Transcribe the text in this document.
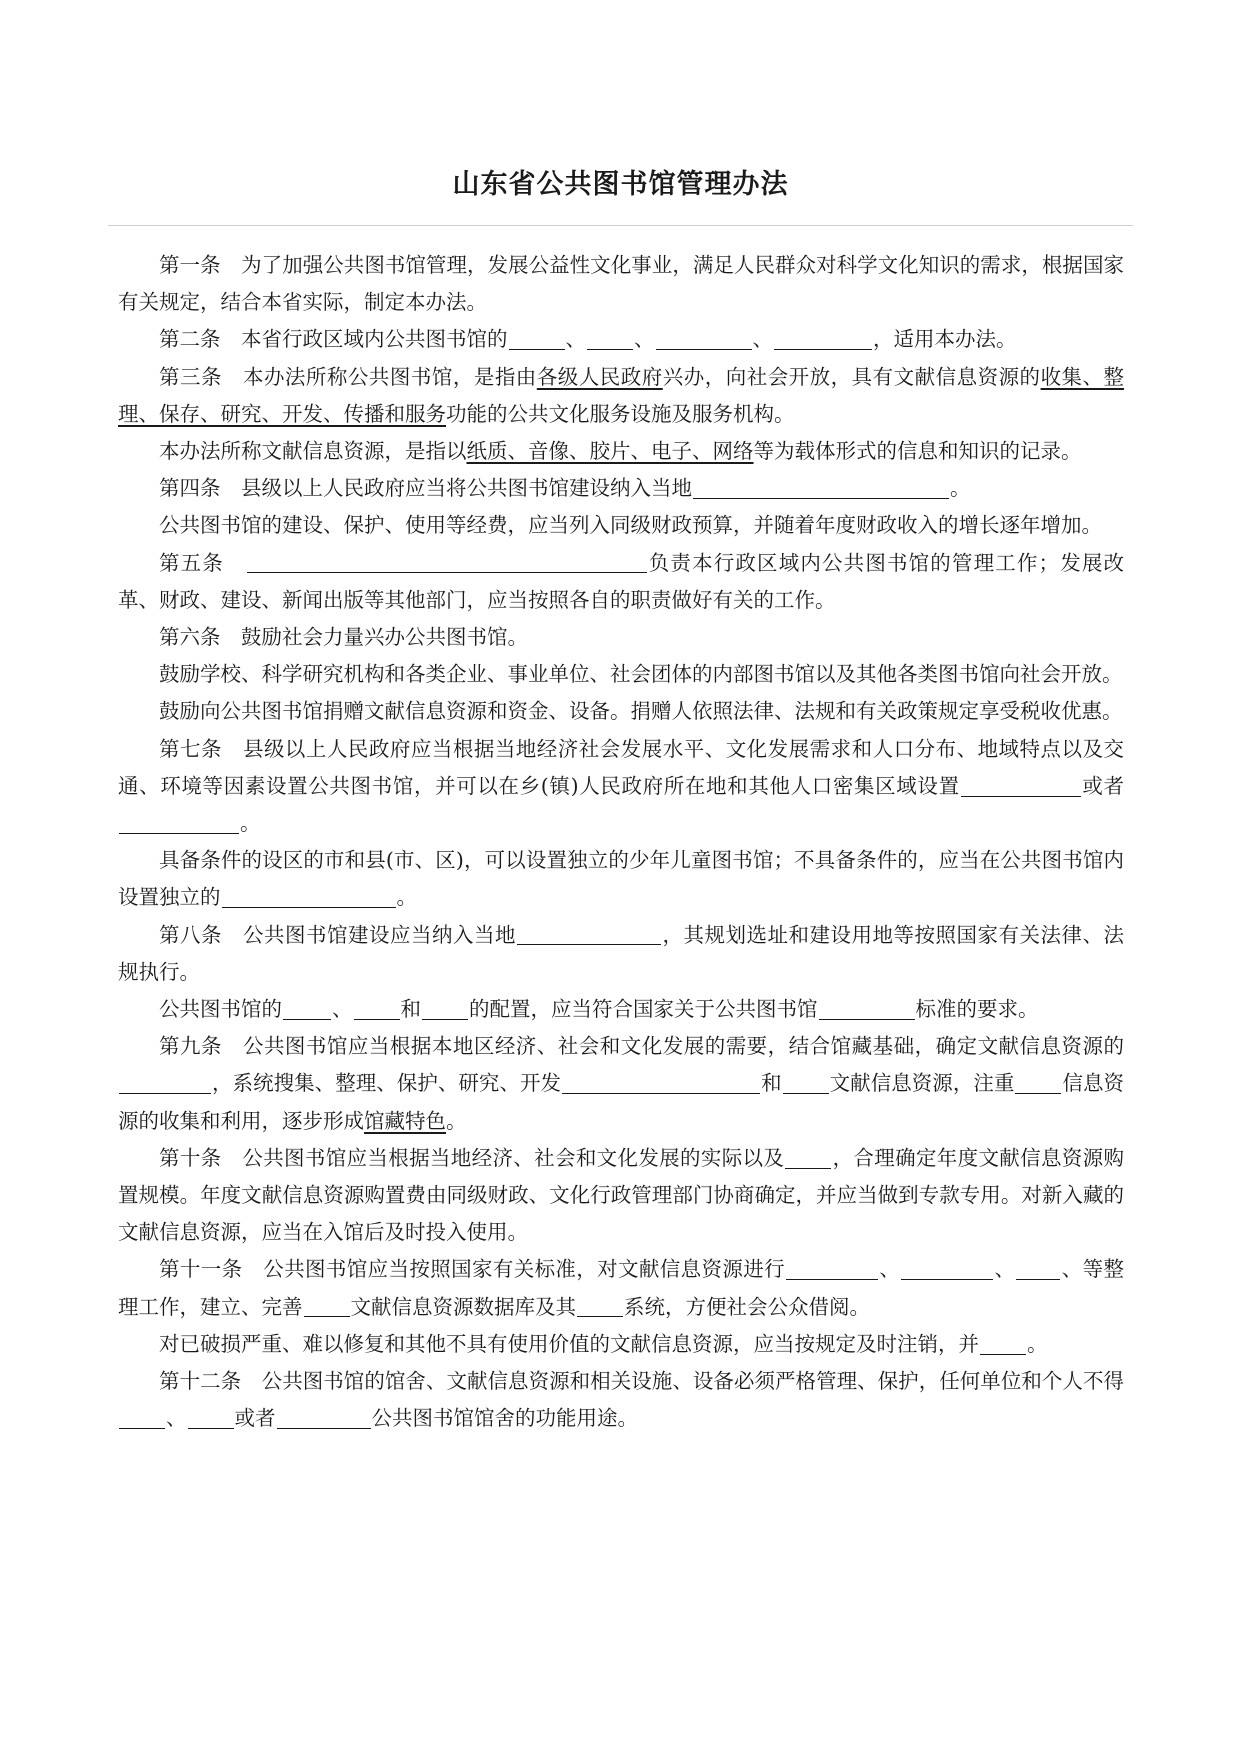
山东省公共图书馆管理办法

第一条　为了加强公共图书馆管理，发展公益性文化事业，满足人民群众对科学文化知识的需求，根据国家有关规定，结合本省实际，制定本办法。

第二条　本省行政区域内公共图书馆的	、 、	、	，适用本办法。

第三条　本办法所称公共图书馆，是指由各级人民政府兴办，向社会开放，具有文献信息资源的收集、整理、保存、研究、开发、传播和服务功能的公共文化服务设施及服务机构。

本办法所称文献信息资源，是指以纸质、音像、胶片、电子、网络等为载体形式的信息和知识的记录。

第四条　县级以上人民政府应当将公共图书馆建设纳入当地	。

公共图书馆的建设、保护、使用等经费，应当列入同级财政预算，并随着年度财政收入的增长逐年增加。

第五条　	负责本行政区域内公共图书馆的管理工作；发展改革、财政、建设、新闻出版等其他部门，应当按照各自的职责做好有关的工作。

第六条　鼓励社会力量兴办公共图书馆。

鼓励学校、科学研究机构和各类企业、事业单位、社会团体的内部图书馆以及其他各类图书馆向社会开放。

鼓励向公共图书馆捐赠文献信息资源和资金、设备。捐赠人依照法律、法规和有关政策规定享受税收优惠。

第七条　县级以上人民政府应当根据当地经济社会发展水平、文化发展需求和人口分布、地域特点以及交通、环境等因素设置公共图书馆，并可以在乡(镇)人民政府所在地和其他人口密集区域设置	或者。

具备条件的设区的市和县(市、区)，可以设置独立的少年儿童图书馆；不具备条件的，应当在公共图书馆内设置独立的	。

第八条　公共图书馆建设应当纳入当地	，其规划选址和建设用地等按照国家有关法律、法规执行。

公共图书馆的 、 和 的配置，应当符合国家关于公共图书馆	标准的要求。

第九条　公共图书馆应当根据本地区经济、社会和文化发展的需要，结合馆藏基础，确定文献信息资源的，系统搜集、整理、保护、研究、开发	和 文献信息资源，注重 信息资源的收集和利用，逐步形成馆藏特色。

第十条　公共图书馆应当根据当地经济、社会和文化发展的实际以及 ，合理确定年度文献信息资源购置规模。年度文献信息资源购置费由同级财政、文化行政管理部门协商确定，并应当做到专款专用。对新入藏的文献信息资源，应当在入馆后及时投入使用。

第十一条　公共图书馆应当按照国家有关标准，对文献信息资源进行	、	、 、等整理工作，建立、完善 文献信息资源数据库及其 系统，方便社会公众借阅。

对已破损严重、难以修复和其他不具有使用价值的文献信息资源，应当按规定及时注销，并 。

第十二条　公共图书馆的馆舍、文献信息资源和相关设施、设备必须严格管理、保护，任何单位和个人不得、 或者	公共图书馆馆舍的功能用途。
